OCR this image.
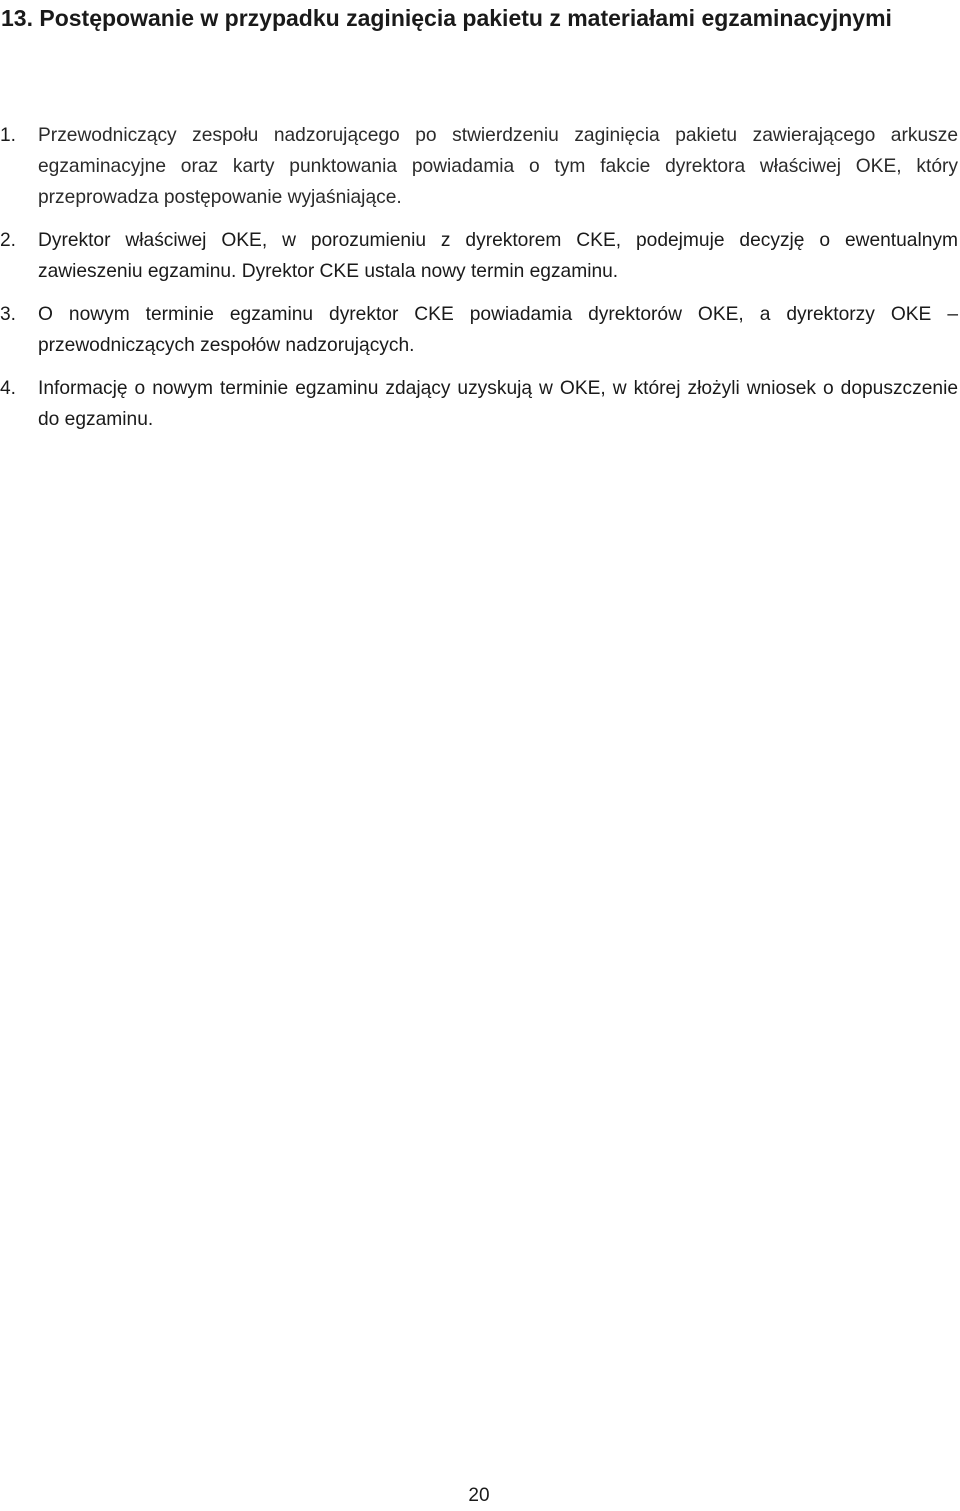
13. Postępowanie w przypadku zaginięcia pakietu z materiałami egzaminacyjnymi
1. Przewodniczący zespołu nadzorującego po stwierdzeniu zaginięcia pakietu zawierającego arkusze egzaminacyjne oraz karty punktowania powiadamia o tym fakcie dyrektora właściwej OKE, który przeprowadza postępowanie wyjaśniające.
2. Dyrektor właściwej OKE, w porozumieniu z dyrektorem CKE, podejmuje decyzję o ewentualnym zawieszeniu egzaminu. Dyrektor CKE ustala nowy termin egzaminu.
3. O nowym terminie egzaminu dyrektor CKE powiadamia dyrektorów OKE, a dyrektorzy OKE – przewodniczących zespołów nadzorujących.
4. Informację o nowym terminie egzaminu zdający uzyskują w OKE, w której złożyli wniosek o dopuszczenie do egzaminu.
20
